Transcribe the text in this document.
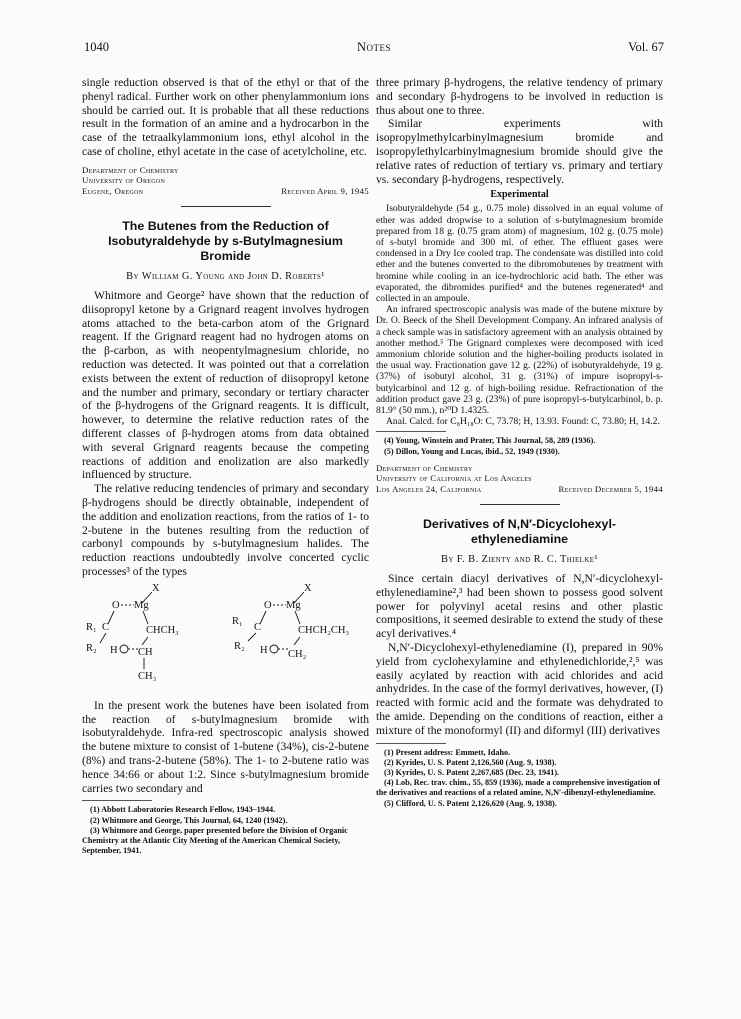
1040	Notes	Vol. 67

single reduction observed is that of the ethyl or that of the phenyl radical. Further work on other phenylammonium ions should be carried out. It is probable that all these reductions result in the formation of an amine and a hydrocarbon in the case of the tetraalkylammonium ions, ethyl alcohol in the case of choline, ethyl acetate in the case of acetylcholine, etc.

Department of Chemistry
University of Oregon
Eugene, Oregon	Received April 9, 1945

The Butenes from the Reduction of Isobutyraldehyde by s-Butylmagnesium Bromide

By William G. Young and John D. Roberts¹

Whitmore and George² have shown that the reduction of diisopropyl ketone by a Grignard reagent involves hydrogen atoms attached to the beta-carbon atom of the Grignard reagent. If the Grignard reagent had no hydrogen atoms on the β-carbon, as with neopentylmagnesium chloride, no reduction was detected. It was pointed out that a correlation exists between the extent of reduction of diisopropyl ketone and the number and primary, secondary or tertiary character of the β-hydrogens of the Grignard reagents. It is difficult, however, to determine the relative reduction rates of the different classes of β-hydrogen atoms from data obtained with several Grignard reagents because the competing reactions of addition and enolization are also markedly influenced by structure.

The relative reducing tendencies of primary and secondary β-hydrogens should be directly obtainable, independent of the addition and enolization reactions, from the ratios of 1- to 2-butene in the butenes resulting from the reduction of carbonyl compounds by s-butylmagnesium halides. The reduction reactions undoubtedly involve concerted cyclic processes³ of the types

X
O Mg
R₁ C	CHCH₃
R₂ H CH
CH₃
X
O Mg
R₁
C	CHCH₂CH₃
R₂ H CH₂

In the present work the butenes have been isolated from the reaction of s-butylmagnesium bromide with isobutyraldehyde. Infra-red spectroscopic analysis showed the butene mixture to consist of 1-butene (34%), cis-2-butene (8%) and trans-2-butene (58%). The 1- to 2-butene ratio was hence 34:66 or about 1:2. Since s-butylmagnesium bromide carries two secondary and

(1) Abbott Laboratories Research Fellow, 1943–1944.

(2) Whitmore and George, This Journal, 64, 1240 (1942).

(3) Whitmore and George, paper presented before the Division of Organic Chemistry at the Atlantic City Meeting of the American Chemical Society, September, 1941.

three primary β-hydrogens, the relative tendency of primary and secondary β-hydrogens to be involved in reduction is thus about one to three.

Similar experiments with isopropylmethylcarbinylmagnesium bromide and isopropylethylcarbinylmagnesium bromide should give the relative rates of reduction of tertiary vs. primary and tertiary vs. secondary β-hydrogens, respectively.

Experimental

Isobutyraldehyde (54 g., 0.75 mole) dissolved in an equal volume of ether was added dropwise to a solution of s-butylmagnesium bromide prepared from 18 g. (0.75 gram atom) of magnesium, 102 g. (0.75 mole) of s-butyl bromide and 300 ml. of ether. The effluent gases were condensed in a Dry Ice cooled trap. The condensate was distilled into cold ether and the butenes converted to the dibromobutenes by treatment with bromine while cooling in an ice-hydrochloric acid bath. The ether was evaporated, the dibromides purified⁴ and the butenes regenerated⁴ and collected in an ampoule.

An infrared spectroscopic analysis was made of the butene mixture by Dr. O. Beeck of the Shell Development Company. An infrared analysis of a check sample was in satisfactory agreement with an analysis obtained by another method.⁵ The Grignard complexes were decomposed with iced ammonium chloride solution and the higher-boiling products isolated in the usual way. Fractionation gave 12 g. (22%) of isobutyraldehyde, 19 g. (37%) of isobutyl alcohol, 31 g. (31%) of impure isopropyl-s-butylcarbinol and 12 g. of high-boiling residue. Refractionation of the addition product gave 23 g. (23%) of pure isopropyl-s-butylcarbinol, b. p. 81.9° (50 mm.), n²⁰D 1.4325.

Anal. Calcd. for C₈H₁₈O: C, 73.78; H, 13.93. Found: C, 73.80; H, 14.2.

(4) Young, Winstein and Prater, This Journal, 58, 289 (1936).

(5) Dillon, Young and Lucas, ibid., 52, 1949 (1930).

Department of Chemistry
University of California at Los Angeles
Los Angeles 24, California	Received December 5, 1944

Derivatives of N,N′-Dicyclohexyl-ethylenediamine

By F. B. Zienty and R. C. Thielke¹

Since certain diacyl derivatives of N,N′-dicyclohexyl-ethylenediamine²,³ had been shown to possess good solvent power for polyvinyl acetal resins and other plastic compositions, it seemed desirable to extend the study of these acyl derivatives.⁴

N,N′-Dicyclohexyl-ethylenediamine (I), prepared in 90% yield from cyclohexylamine and ethylenedichloride,²,⁵ was easily acylated by reaction with acid chlorides and acid anhydrides. In the case of the formyl derivatives, however, (I) reacted with formic acid and the formate was dehydrated to the amide. Depending on the conditions of reaction, either a mixture of the monoformyl (II) and diformyl (III) derivatives

(1) Present address: Emmett, Idaho.

(2) Kyrides, U. S. Patent 2,126,560 (Aug. 9, 1938).

(3) Kyrides, U. S. Patent 2,267,685 (Dec. 23, 1941).

(4) Lob, Rec. trav. chim., 55, 859 (1936), made a comprehensive investigation of the derivatives and reactions of a related amine, N,N′-dibenzyl-ethylenediamine.

(5) Clifford, U. S. Patent 2,126,620 (Aug. 9, 1938).
